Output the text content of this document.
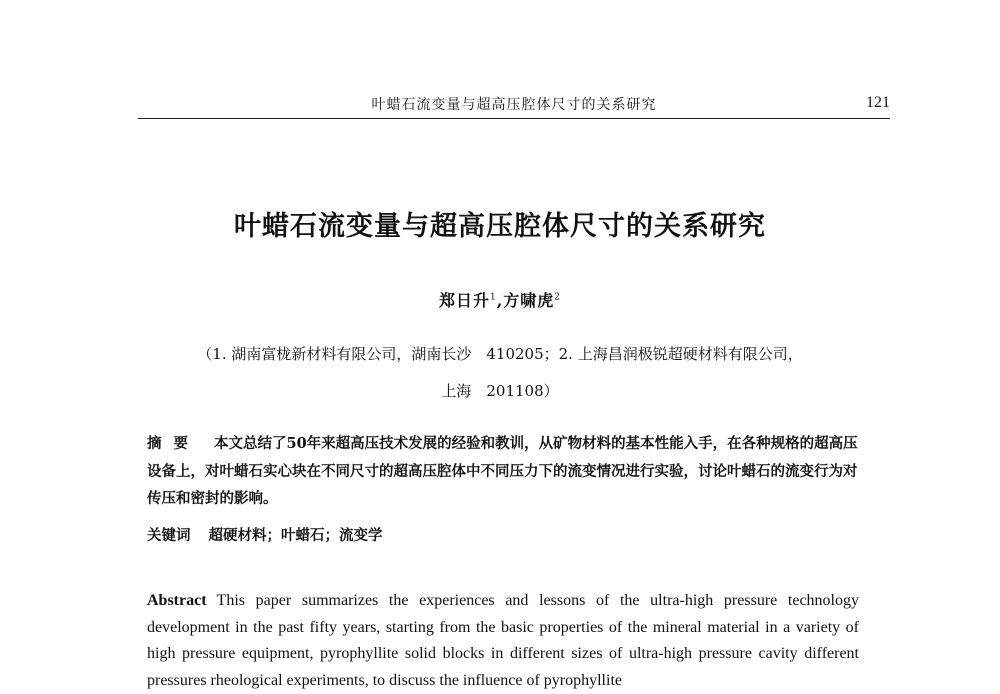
叶蜡石流变量与超高压腔体尺寸的关系研究	121
叶蜡石流变量与超高压腔体尺寸的关系研究
郑日升$^1$,方啸虎$^2$
（1. 湖南富栊新材料有限公司，湖南长沙　410205；2. 上海昌润极锐超硬材料有限公司，
上海　201108）
摘要 本文总结了50年来超高压技术发展的经验和教训，从矿物材料的基本性能入手，在各种规格的超高压设备上，对叶蜡石实心块在不同尺寸的超高压腔体中不同压力下的流变情况进行实验，讨论叶蜡石的流变行为对传压和密封的影响。
关键词 超硬材料；叶蜡石；流变学
Abstract This paper summarizes the experiences and lessons of the ultra-high pressure technology development in the past fifty years, starting from the basic properties of the mineral material in a variety of high pressure equipment, pyrophyllite solid blocks in different sizes of ultra-high pressure cavity different pressures rheological experiments, to discuss the influence of pyrophyllite
